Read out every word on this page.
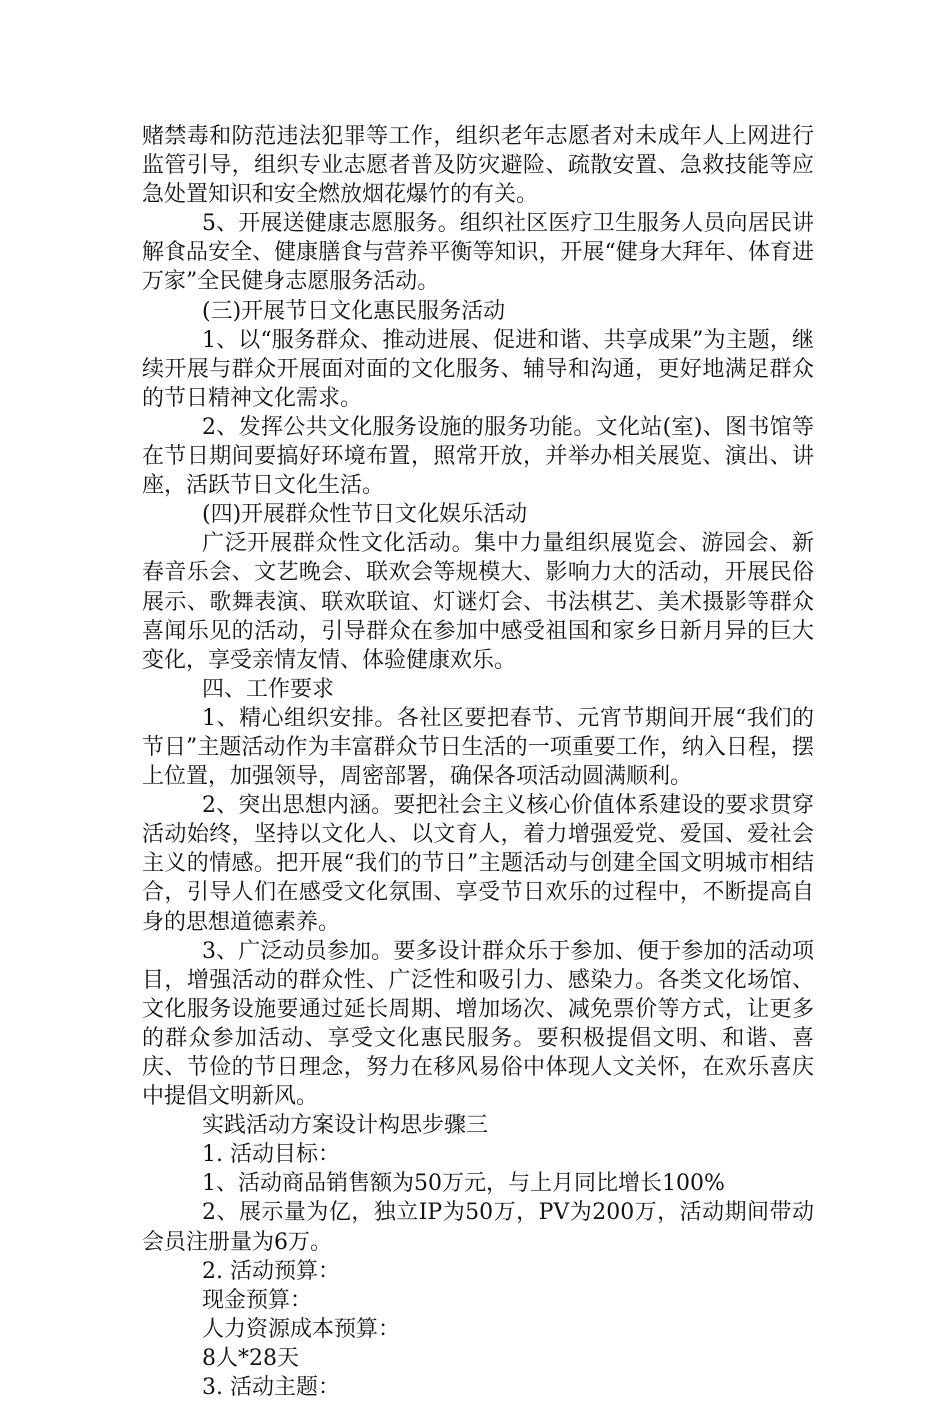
赌禁毒和防范违法犯罪等工作，组织老年志愿者对未成年人上网进行监管引导，组织专业志愿者普及防灾避险、疏散安置、急救技能等应急处置知识和安全燃放烟花爆竹的有关。

5、开展送健康志愿服务。组织社区医疗卫生服务人员向居民讲解食品安全、健康膳食与营养平衡等知识，开展“健身大拜年、体育进万家”全民健身志愿服务活动。

(三)开展节日文化惠民服务活动

1、以“服务群众、推动进展、促进和谐、共享成果”为主题，继续开展与群众开展面对面的文化服务、辅导和沟通，更好地满足群众的节日精神文化需求。

2、发挥公共文化服务设施的服务功能。文化站(室)、图书馆等在节日期间要搞好环境布置，照常开放，并举办相关展览、演出、讲座，活跃节日文化生活。

(四)开展群众性节日文化娱乐活动

广泛开展群众性文化活动。集中力量组织展览会、游园会、新春音乐会、文艺晚会、联欢会等规模大、影响力大的活动，开展民俗展示、歌舞表演、联欢联谊、灯谜灯会、书法棋艺、美术摄影等群众喜闻乐见的活动，引导群众在参加中感受祖国和家乡日新月异的巨大变化，享受亲情友情、体验健康欢乐。

四、工作要求

1、精心组织安排。各社区要把春节、元宵节期间开展“我们的节日”主题活动作为丰富群众节日生活的一项重要工作，纳入日程，摆上位置，加强领导，周密部署，确保各项活动圆满顺利。

2、突出思想内涵。要把社会主义核心价值体系建设的要求贯穿活动始终，坚持以文化人、以文育人，着力增强爱党、爱国、爱社会主义的情感。把开展“我们的节日”主题活动与创建全国文明城市相结合，引导人们在感受文化氛围、享受节日欢乐的过程中，不断提高自身的思想道德素养。

3、广泛动员参加。要多设计群众乐于参加、便于参加的活动项目，增强活动的群众性、广泛性和吸引力、感染力。各类文化场馆、文化服务设施要通过延长周期、增加场次、减免票价等方式，让更多的群众参加活动、享受文化惠民服务。要积极提倡文明、和谐、喜庆、节俭的节日理念，努力在移风易俗中体现人文关怀，在欢乐喜庆中提倡文明新风。

实践活动方案设计构思步骤三

1. 活动目标：

1、活动商品销售额为50万元，与上月同比增长100%

2、展示量为亿，独立IP为50万，PV为200万，活动期间带动会员注册量为6万。

2. 活动预算：

现金预算：

人力资源成本预算：

8人*28天

3. 活动主题：
